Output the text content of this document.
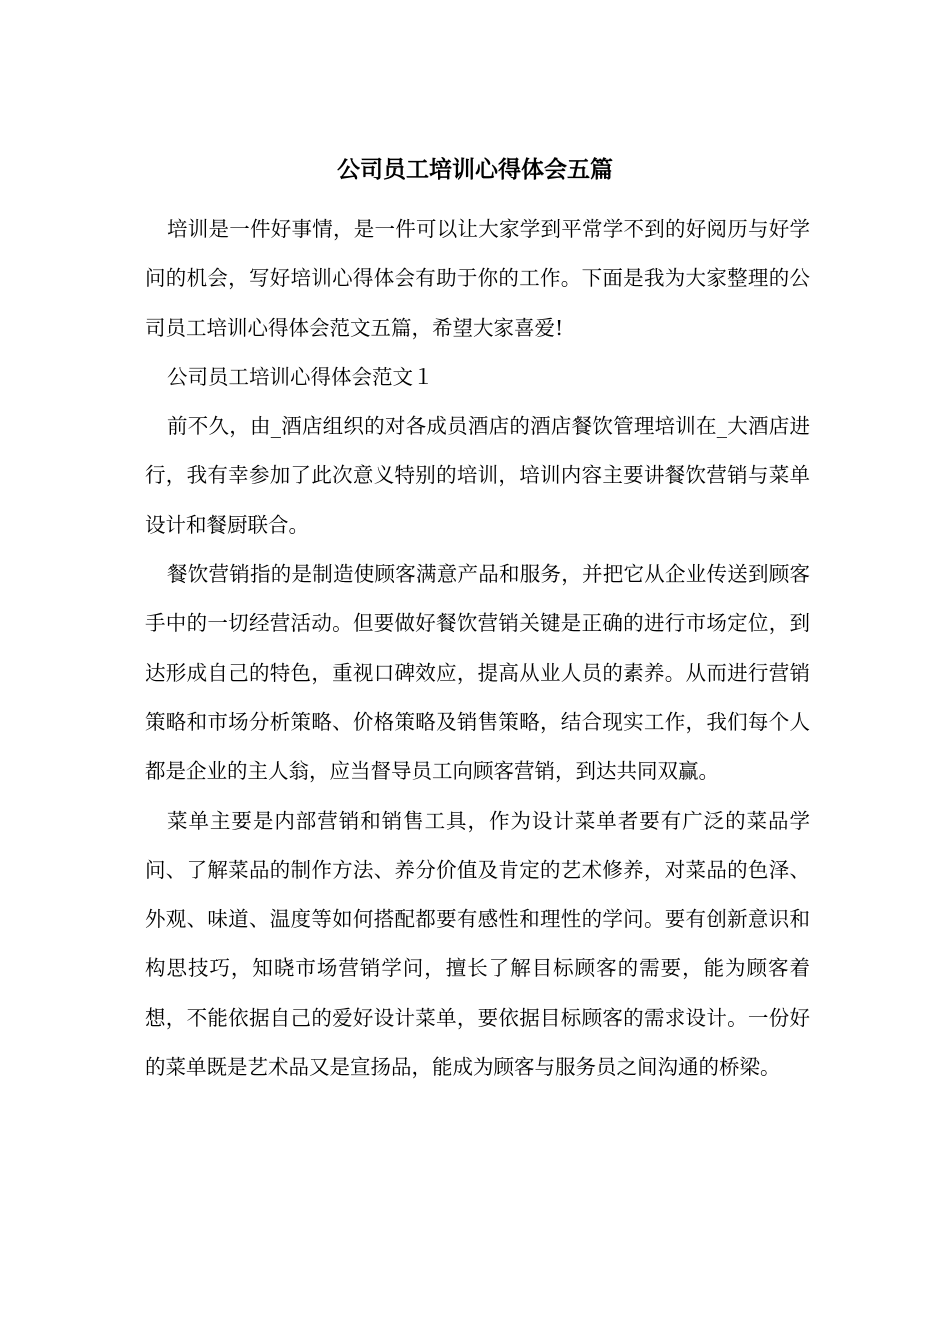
公司员工培训心得体会五篇

培训是一件好事情，是一件可以让大家学到平常学不到的好阅历与好学问的机会，写好培训心得体会有助于你的工作。下面是我为大家整理的公司员工培训心得体会范文五篇，希望大家喜爱!

公司员工培训心得体会范文１

前不久，由_酒店组织的对各成员酒店的酒店餐饮管理培训在_大酒店进行，我有幸参加了此次意义特别的培训，培训内容主要讲餐饮营销与菜单设计和餐厨联合。

餐饮营销指的是制造使顾客满意产品和服务，并把它从企业传送到顾客手中的一切经营活动。但要做好餐饮营销关键是正确的进行市场定位，到达形成自己的特色，重视口碑效应，提高从业人员的素养。从而进行营销策略和市场分析策略、价格策略及销售策略，结合现实工作，我们每个人都是企业的主人翁，应当督导员工向顾客营销，到达共同双赢。

菜单主要是内部营销和销售工具，作为设计菜单者要有广泛的菜品学问、了解菜品的制作方法、养分价值及肯定的艺术修养，对菜品的色泽、外观、味道、温度等如何搭配都要有感性和理性的学问。要有创新意识和构思技巧，知晓市场营销学问，擅长了解目标顾客的需要，能为顾客着想，不能依据自己的爱好设计菜单，要依据目标顾客的需求设计。一份好的菜单既是艺术品又是宣扬品，能成为顾客与服务员之间沟通的桥梁。
